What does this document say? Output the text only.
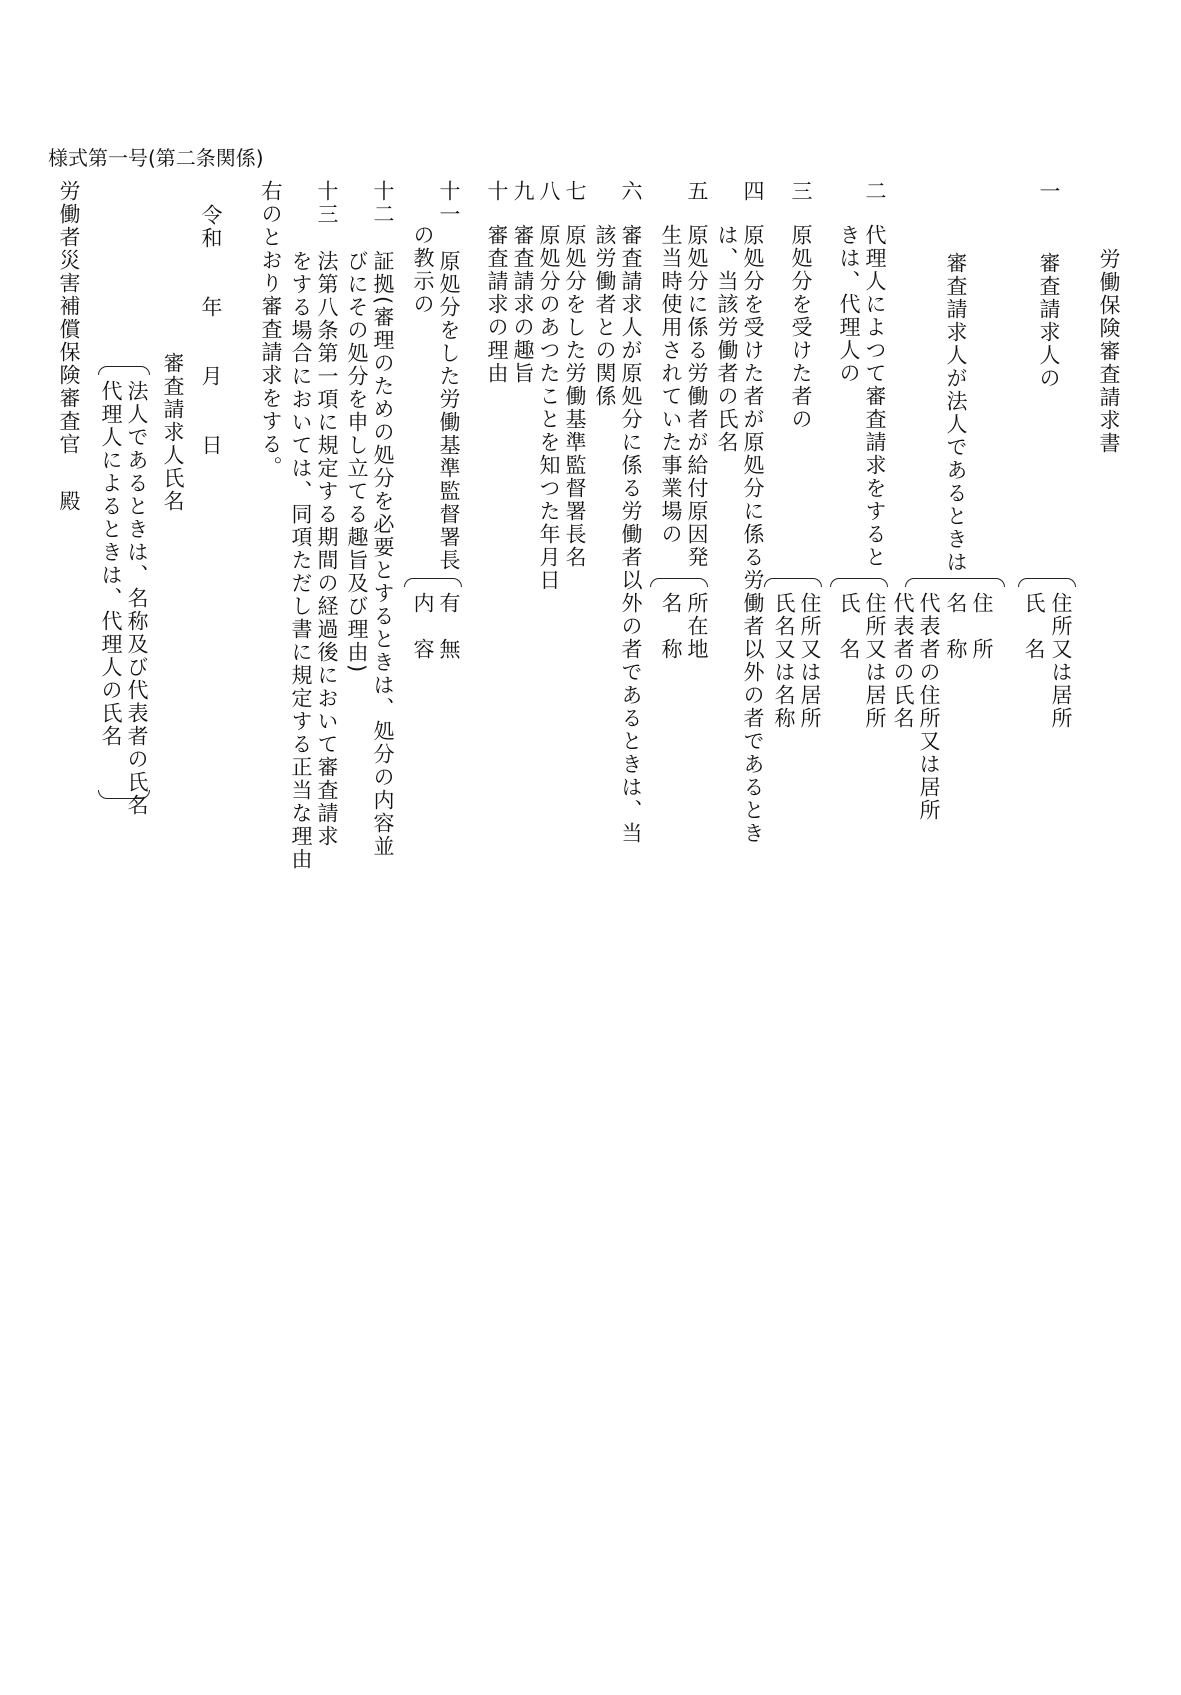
様式第一号(第二条関係)
労働保険審査請求書
一
審査請求人の
住所又は居所
氏　名
審査請求人が法人であるときは
住　所
名　称
代表者の住所又は居所
代表者の氏名
二
代理人によつて審査請求をすると
きは、代理人の
住所又は居所
氏　名
三
原処分を受けた者の
住所又は居所
氏名又は名称
四
原処分を受けた者が原処分に係る労働者以外の者であるとき
は、当該労働者の氏名
五
原処分に係る労働者が給付原因発
生当時使用されていた事業場の
所在地
名　称
六
審査請求人が原処分に係る労働者以外の者であるときは、当
該労働者との関係
七
原処分をした労働基準監督署長名
八
原処分のあつたことを知つた年月日
九
審査請求の趣旨
十
審査請求の理由
十一
原処分をした労働基準監督署長
の教示の
有　無
内　容
十二
証拠(審理のための処分を必要とするときは、処分の内容並
びにその処分を申し立てる趣旨及び理由)
十三
法第八条第一項に規定する期間の経過後において審査請求
をする場合においては、同項ただし書に規定する正当な理由
右のとおり審査請求をする。
令和　　年　　月　　日
審査請求人氏名
法人であるときは、名称及び代表者の氏名
代理人によるときは、代理人の氏名
労働者災害補償保険審査官
殿
